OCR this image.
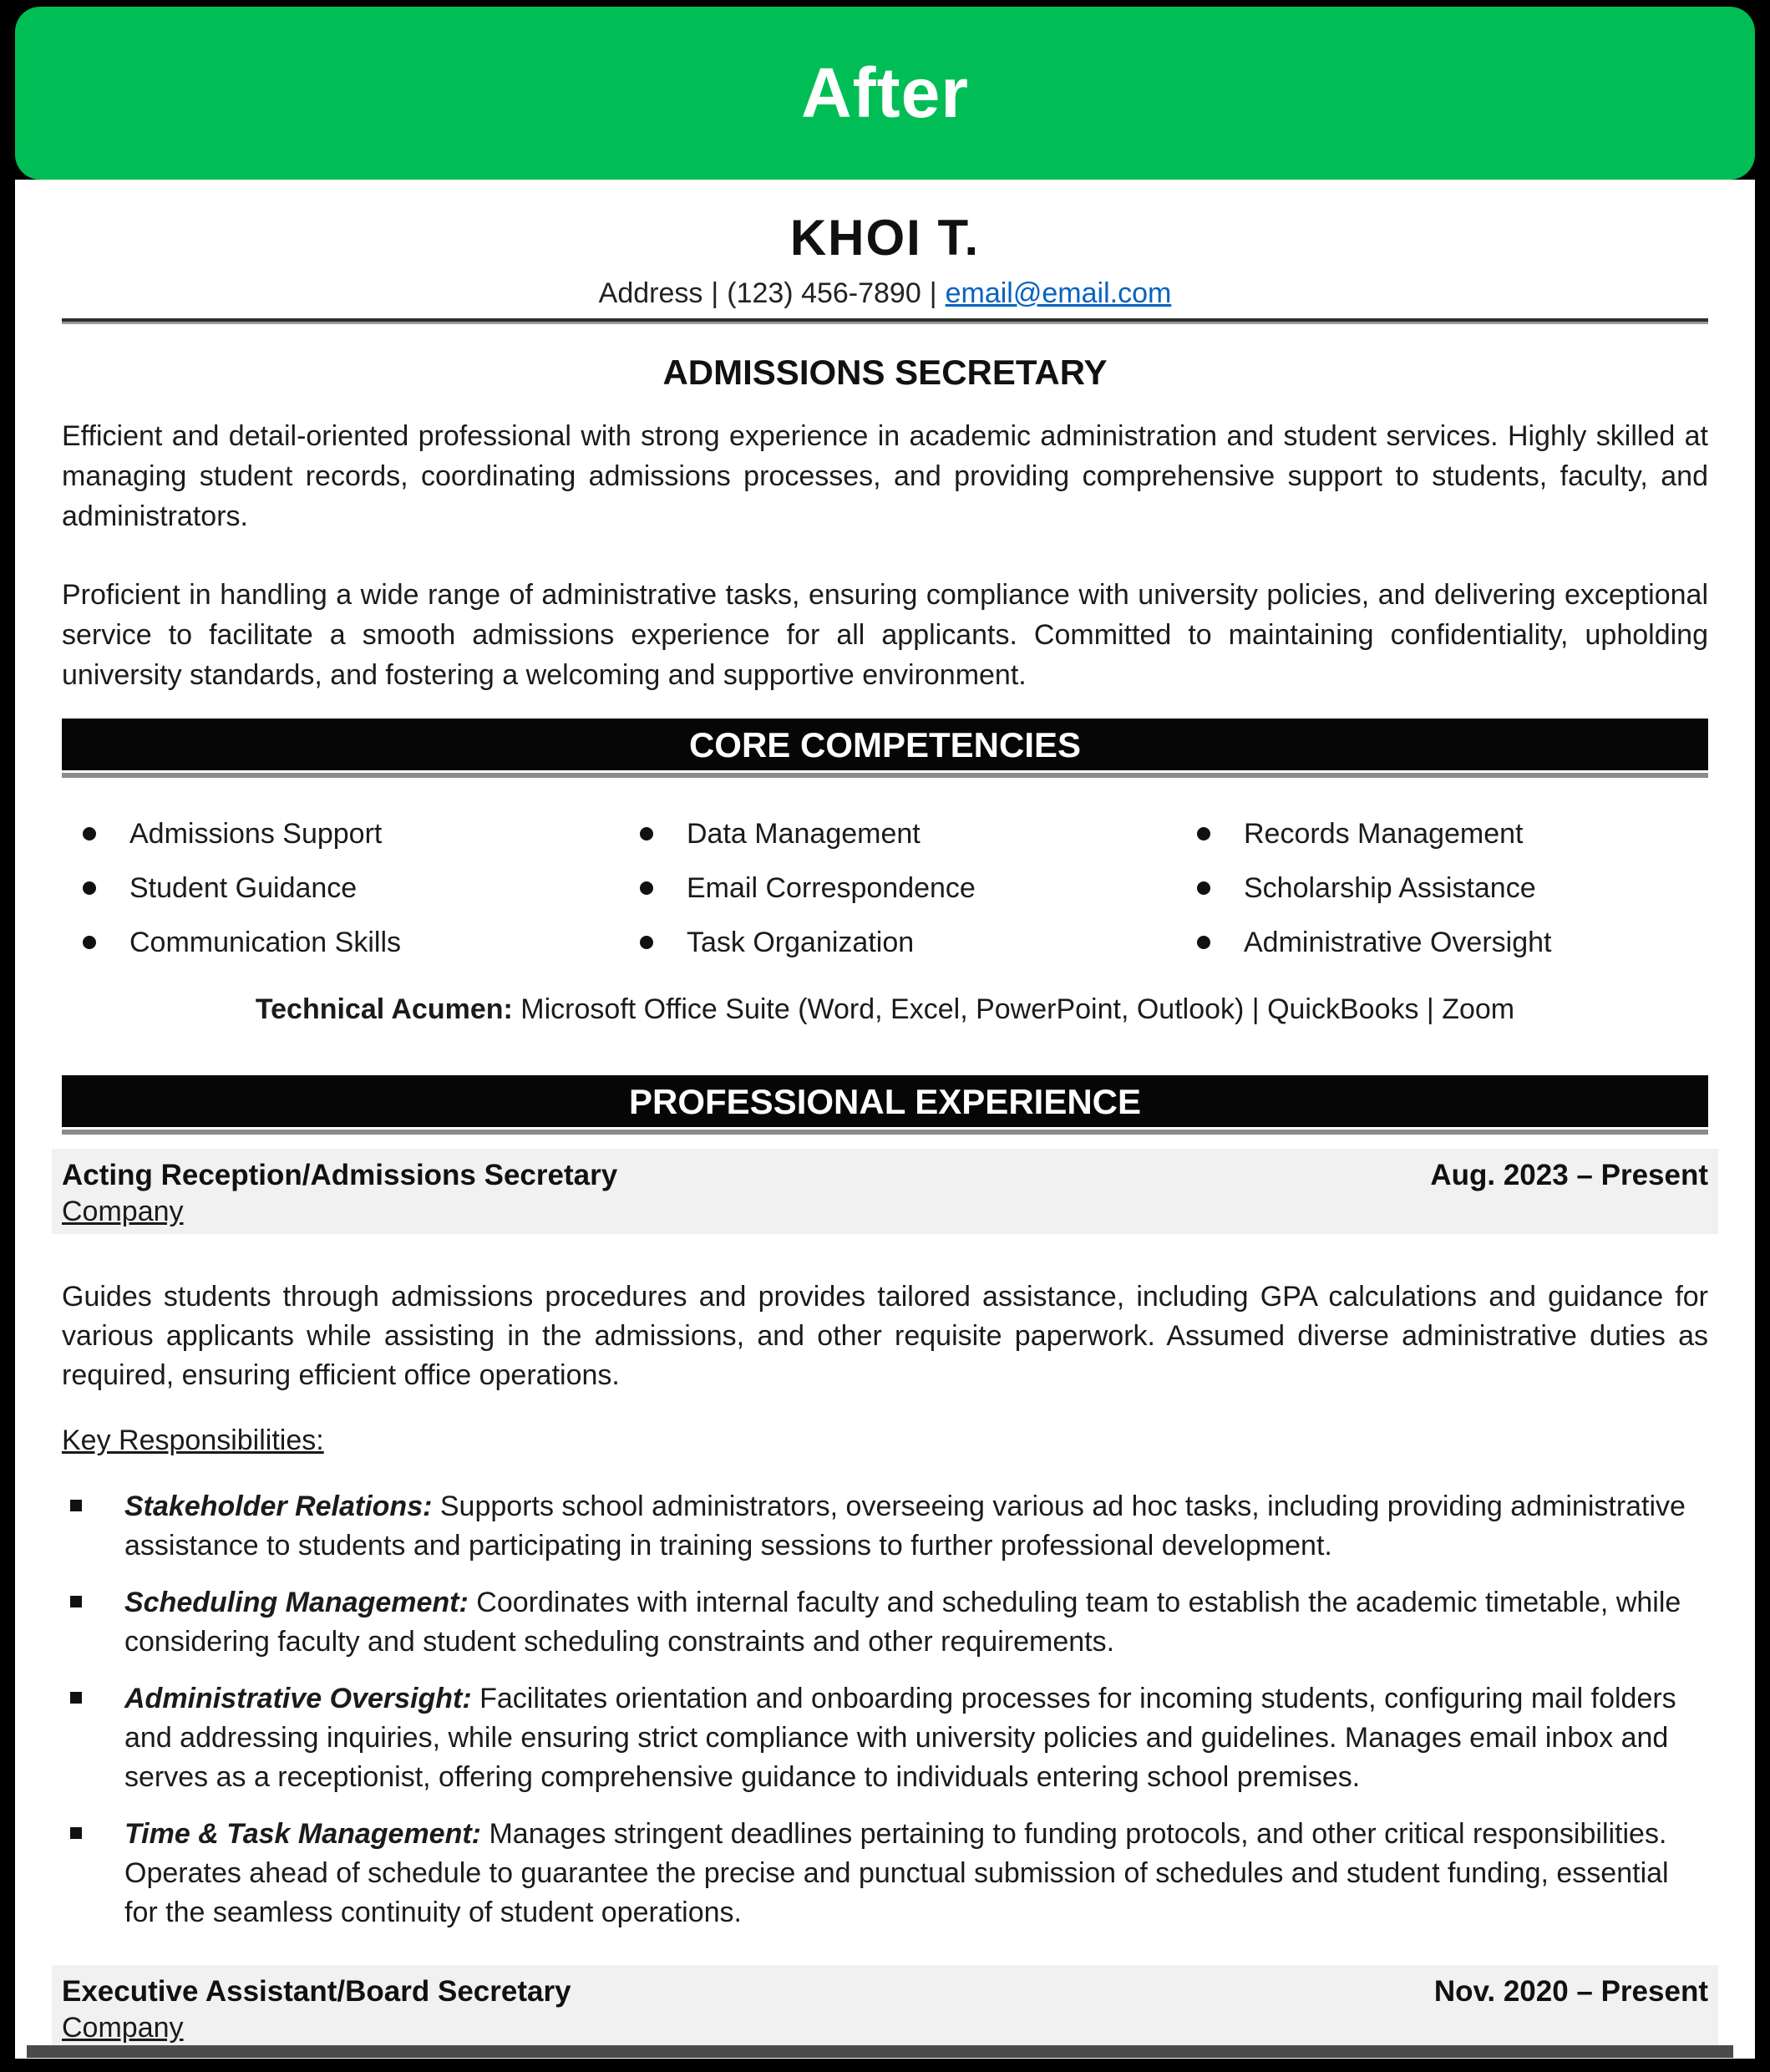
After
KHOI T.
Address | (123) 456-7890 | email@email.com
ADMISSIONS SECRETARY

Efficient and detail-oriented professional with strong experience in academic administration and student services. Highly skilled at managing student records, coordinating admissions processes, and providing comprehensive support to students, faculty, and administrators.

Proficient in handling a wide range of administrative tasks, ensuring compliance with university policies, and delivering exceptional service to facilitate a smooth admissions experience for all applicants. Committed to maintaining confidentiality, upholding university standards, and fostering a welcoming and supportive environment.

CORE COMPETENCIES
Admissions Support	Data Management	Records Management
Student Guidance	Email Correspondence	Scholarship Assistance
Communication Skills	Task Organization	Administrative Oversight
Technical Acumen: Microsoft Office Suite (Word, Excel, PowerPoint, Outlook) | QuickBooks | Zoom
PROFESSIONAL EXPERIENCE
Acting Reception/Admissions Secretary	Aug. 2023 – Present
Company

Guides students through admissions procedures and provides tailored assistance, including GPA calculations and guidance for various applicants while assisting in the admissions, and other requisite paperwork. Assumed diverse administrative duties as required, ensuring efficient office operations.

Key Responsibilities:
Stakeholder Relations: Supports school administrators, overseeing various ad hoc tasks, including providing administrative assistance to students and participating in training sessions to further professional development.
Scheduling Management: Coordinates with internal faculty and scheduling team to establish the academic timetable, while considering faculty and student scheduling constraints and other requirements.
Administrative Oversight: Facilitates orientation and onboarding processes for incoming students, configuring mail folders and addressing inquiries, while ensuring strict compliance with university policies and guidelines. Manages email inbox and serves as a receptionist, offering comprehensive guidance to individuals entering school premises.
Time & Task Management: Manages stringent deadlines pertaining to funding protocols, and other critical responsibilities. Operates ahead of schedule to guarantee the precise and punctual submission of schedules and student funding, essential for the seamless continuity of student operations.
Executive Assistant/Board Secretary	Nov. 2020 – Present
Company
